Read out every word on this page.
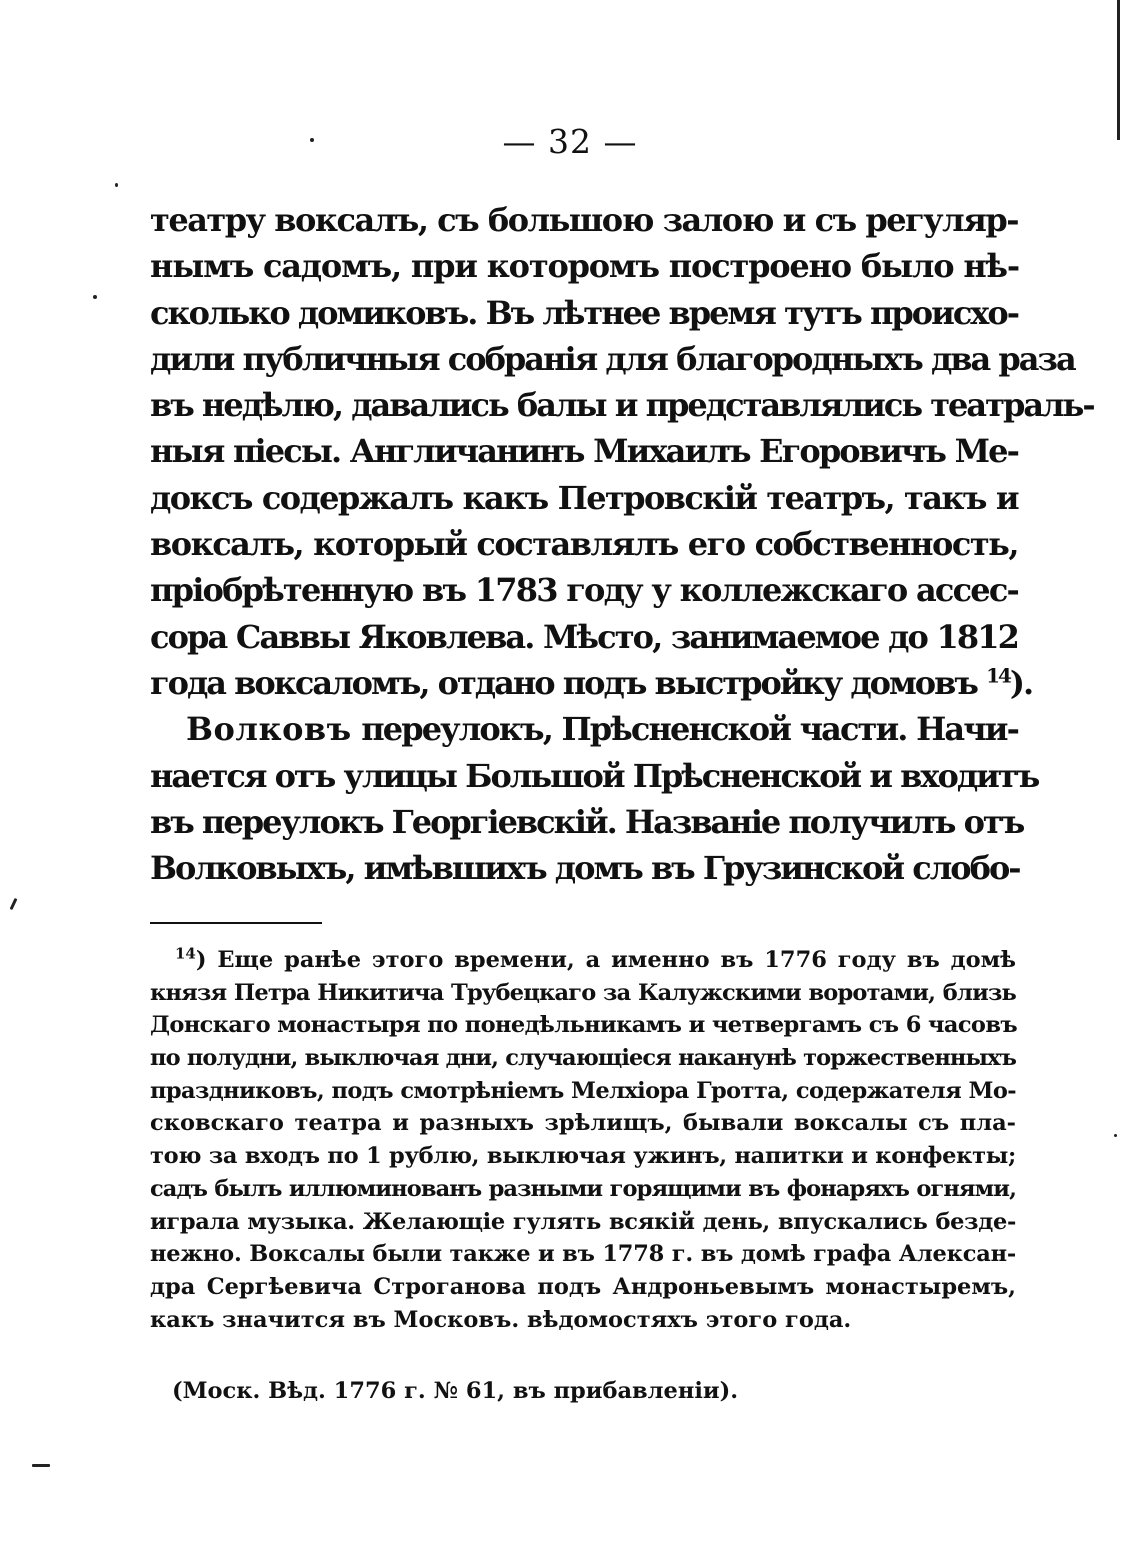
— 32 —
театру воксалъ, съ большою залою и съ регуляр-
нымъ садомъ, при которомъ построено было нѣ-
сколько домиковъ. Въ лѣтнее время тутъ происхо-
дили публичныя собранія для благородныхъ два раза
въ недѣлю, давались балы и представлялись театраль-
ныя піесы. Англичанинъ Михаилъ Егоровичъ Ме-
доксъ содержалъ какъ Петровскій театръ, такъ и
воксалъ, который составлялъ его собственность,
пріобрѣтенную въ 1783 году у коллежскаго ассес-
сора Саввы Яковлева. Мѣсто, занимаемое до 1812
года воксаломъ, отдано подъ выстройку домовъ $^{14}$).
Волковъ переулокъ, Прѣсненской части. Начи-
нается отъ улицы Большой Прѣсненской и входитъ
въ переулокъ Георгіевскій. Названіе получилъ отъ
Волковыхъ, имѣвшихъ домъ въ Грузинской слобо-
$^{14}$) Еще ранѣе этого времени, а именно въ 1776 году въ домѣ
князя Петра Никитича Трубецкаго за Калужскими воротами, близь
Донскаго монастыря по понедѣльникамъ и четвергамъ съ 6 часовъ
по полудни, выключая дни, случающіеся наканунѣ торжественныхъ
праздниковъ, подъ смотрѣніемъ Мелхіора Гротта, содержателя Мо-
сковскаго театра и разныхъ зрѣлищъ, бывали воксалы съ пла-
тою за входъ по 1 рублю, выключая ужинъ, напитки и конфекты;
садъ былъ иллюминованъ разными горящими въ фонаряхъ огнями,
играла музыка. Желающіе гулять всякій день, впускались безде-
нежно. Воксалы были также и въ 1778 г. въ домѣ графа Алексан-
дра Сергѣевича Строганова подъ Андроньевымъ монастыремъ,
какъ значится въ Московъ. вѣдомостяхъ этого года.
(Моск. Вѣд. 1776 г. № 61, въ прибавленіи).
